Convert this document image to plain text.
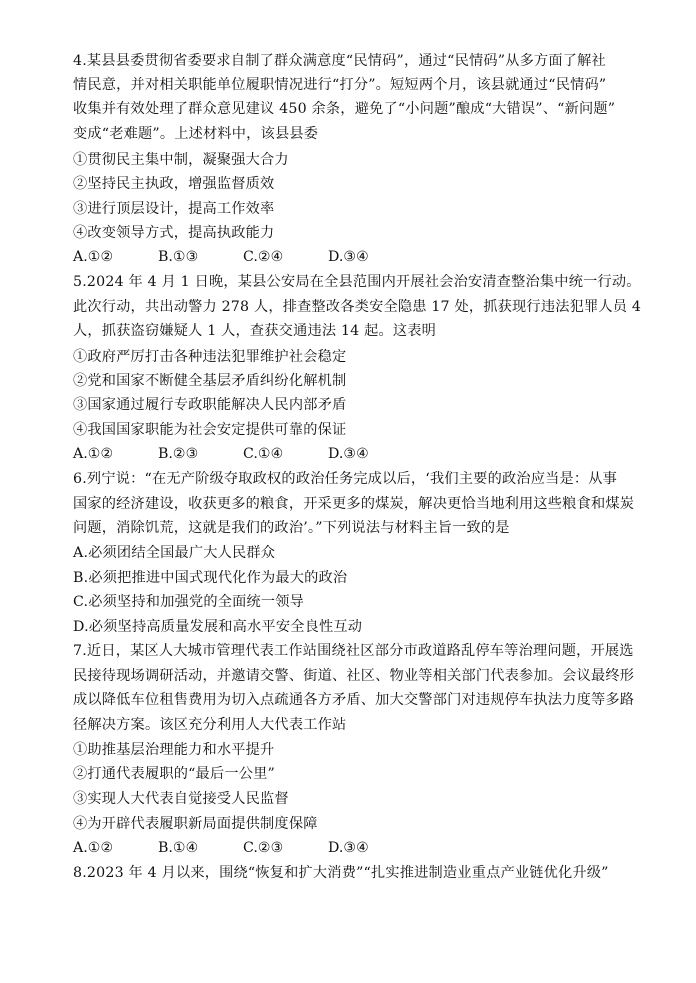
4.某县县委贯彻省委要求自制了群众满意度“民情码”，通过“民情码”从多方面了解社
情民意，并对相关职能单位履职情况进行“打分”。短短两个月，该县就通过“民情码”
收集并有效处理了群众意见建议 450 余条，避免了“小问题”酿成“大错误”、“新问题”
变成“老难题”。上述材料中，该县县委
①贯彻民主集中制，凝聚强大合力
②坚持民主执政，增强监督质效
③进行顶层设计，提高工作效率
④改变领导方式，提高执政能力
A.①②	B.①③	C.②④	D.③④
5.2024 年 4 月 1 日晚，某县公安局在全县范围内开展社会治安清查整治集中统一行动。
此次行动，共出动警力 278 人，排查整改各类安全隐患 17 处，抓获现行违法犯罪人员 4
人，抓获盗窃嫌疑人 1 人，查获交通违法 14 起。这表明
①政府严厉打击各种违法犯罪维护社会稳定
②党和国家不断健全基层矛盾纠纷化解机制
③国家通过履行专政职能解决人民内部矛盾
④我国国家职能为社会安定提供可靠的保证
A.①②	B.②③	C.①④	D.③④
6.列宁说：“在无产阶级夺取政权的政治任务完成以后，‘我们主要的政治应当是：从事
国家的经济建设，收获更多的粮食，开采更多的煤炭，解决更恰当地利用这些粮食和煤炭
问题，消除饥荒，这就是我们的政治’。”下列说法与材料主旨一致的是
A.必须团结全国最广大人民群众
B.必须把推进中国式现代化作为最大的政治
C.必须坚持和加强党的全面统一领导
D.必须坚持高质量发展和高水平安全良性互动
7.近日，某区人大城市管理代表工作站围绕社区部分市政道路乱停车等治理问题，开展选
民接待现场调研活动，并邀请交警、街道、社区、物业等相关部门代表参加。会议最终形
成以降低车位租售费用为切入点疏通各方矛盾、加大交警部门对违规停车执法力度等多路
径解决方案。该区充分利用人大代表工作站
①助推基层治理能力和水平提升
②打通代表履职的“最后一公里”
③实现人大代表自觉接受人民监督
④为开辟代表履职新局面提供制度保障
A.①②	B.①④	C.②③	D.③④
8.2023 年 4 月以来，围绕“恢复和扩大消费”“扎实推进制造业重点产业链优化升级”
